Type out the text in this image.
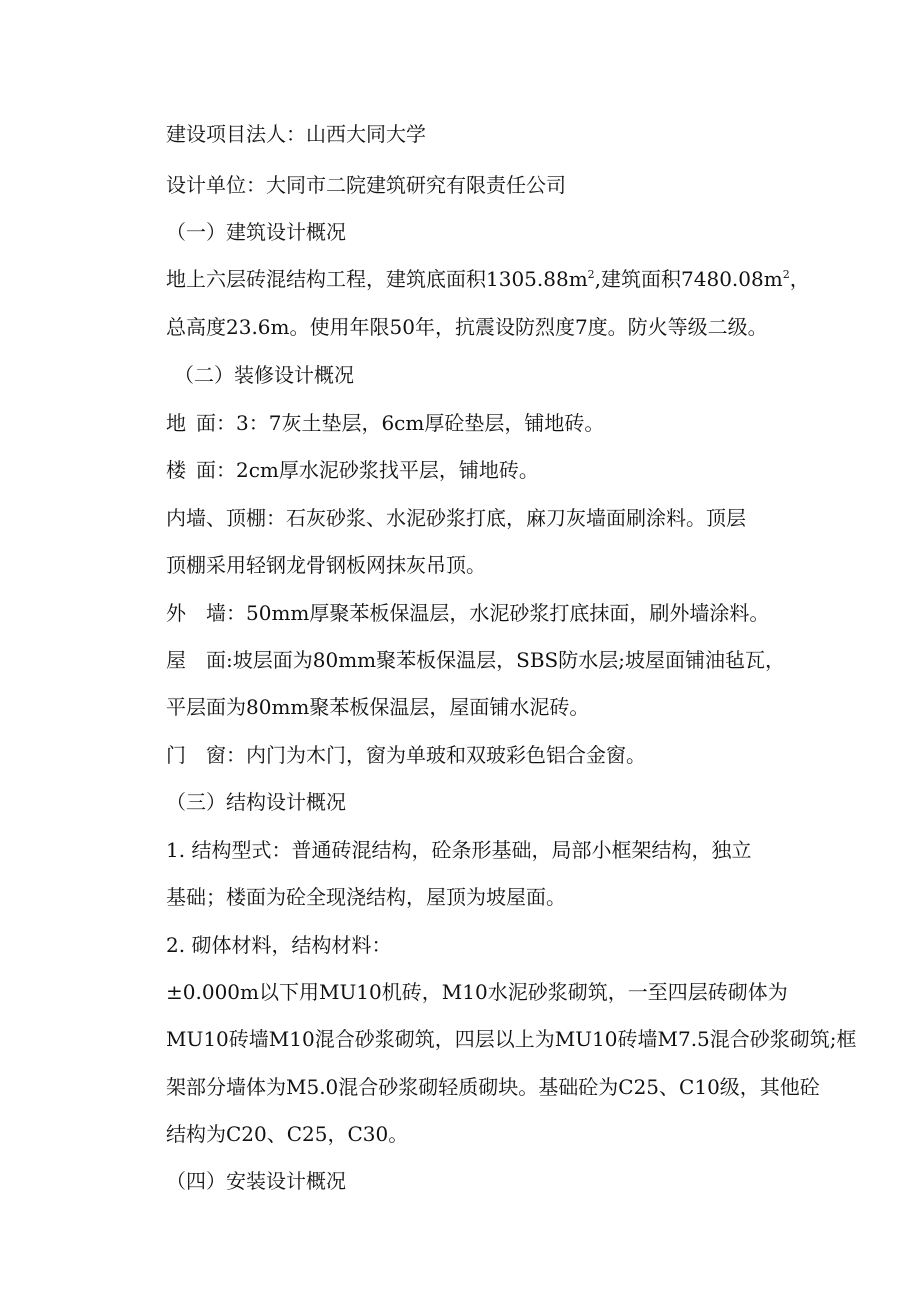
建设项目法人：山西大同大学
设计单位：大同市二院建筑研究有限责任公司
（一）建筑设计概况
地上六层砖混结构工程，建筑底面积$1305.88m^2$,建筑面积$7480.08m^2$，
总高度23.6m。使用年限50年，抗震设防烈度7度。防火等级二级。
（二）装修设计概况
地 面：3：7灰土垫层，6cm厚砼垫层，铺地砖。
楼 面：2cm厚水泥砂浆找平层，铺地砖。
内墙、顶棚：石灰砂浆、水泥砂浆打底，麻刀灰墙面刷涂料。顶层
顶棚采用轻钢龙骨钢板网抹灰吊顶。
外 墙：50mm厚聚苯板保温层，水泥砂浆打底抹面，刷外墙涂料。
屋 面:坡层面为80mm聚苯板保温层，SBS防水层;坡屋面铺油毡瓦，
平层面为80mm聚苯板保温层，屋面铺水泥砖。
门 窗：内门为木门，窗为单玻和双玻彩色铝合金窗。
（三）结构设计概况
1. 结构型式：普通砖混结构，砼条形基础，局部小框架结构，独立
基础；楼面为砼全现浇结构，屋顶为坡屋面。
2. 砌体材料，结构材料：
±0.000m以下用MU10机砖，M10水泥砂浆砌筑，一至四层砖砌体为
MU10砖墙M10混合砂浆砌筑，四层以上为MU10砖墙M7.5混合砂浆砌筑;框
架部分墙体为M5.0混合砂浆砌轻质砌块。基础砼为C25、C10级，其他砼
结构为C20、C25，C30。
（四）安装设计概况
